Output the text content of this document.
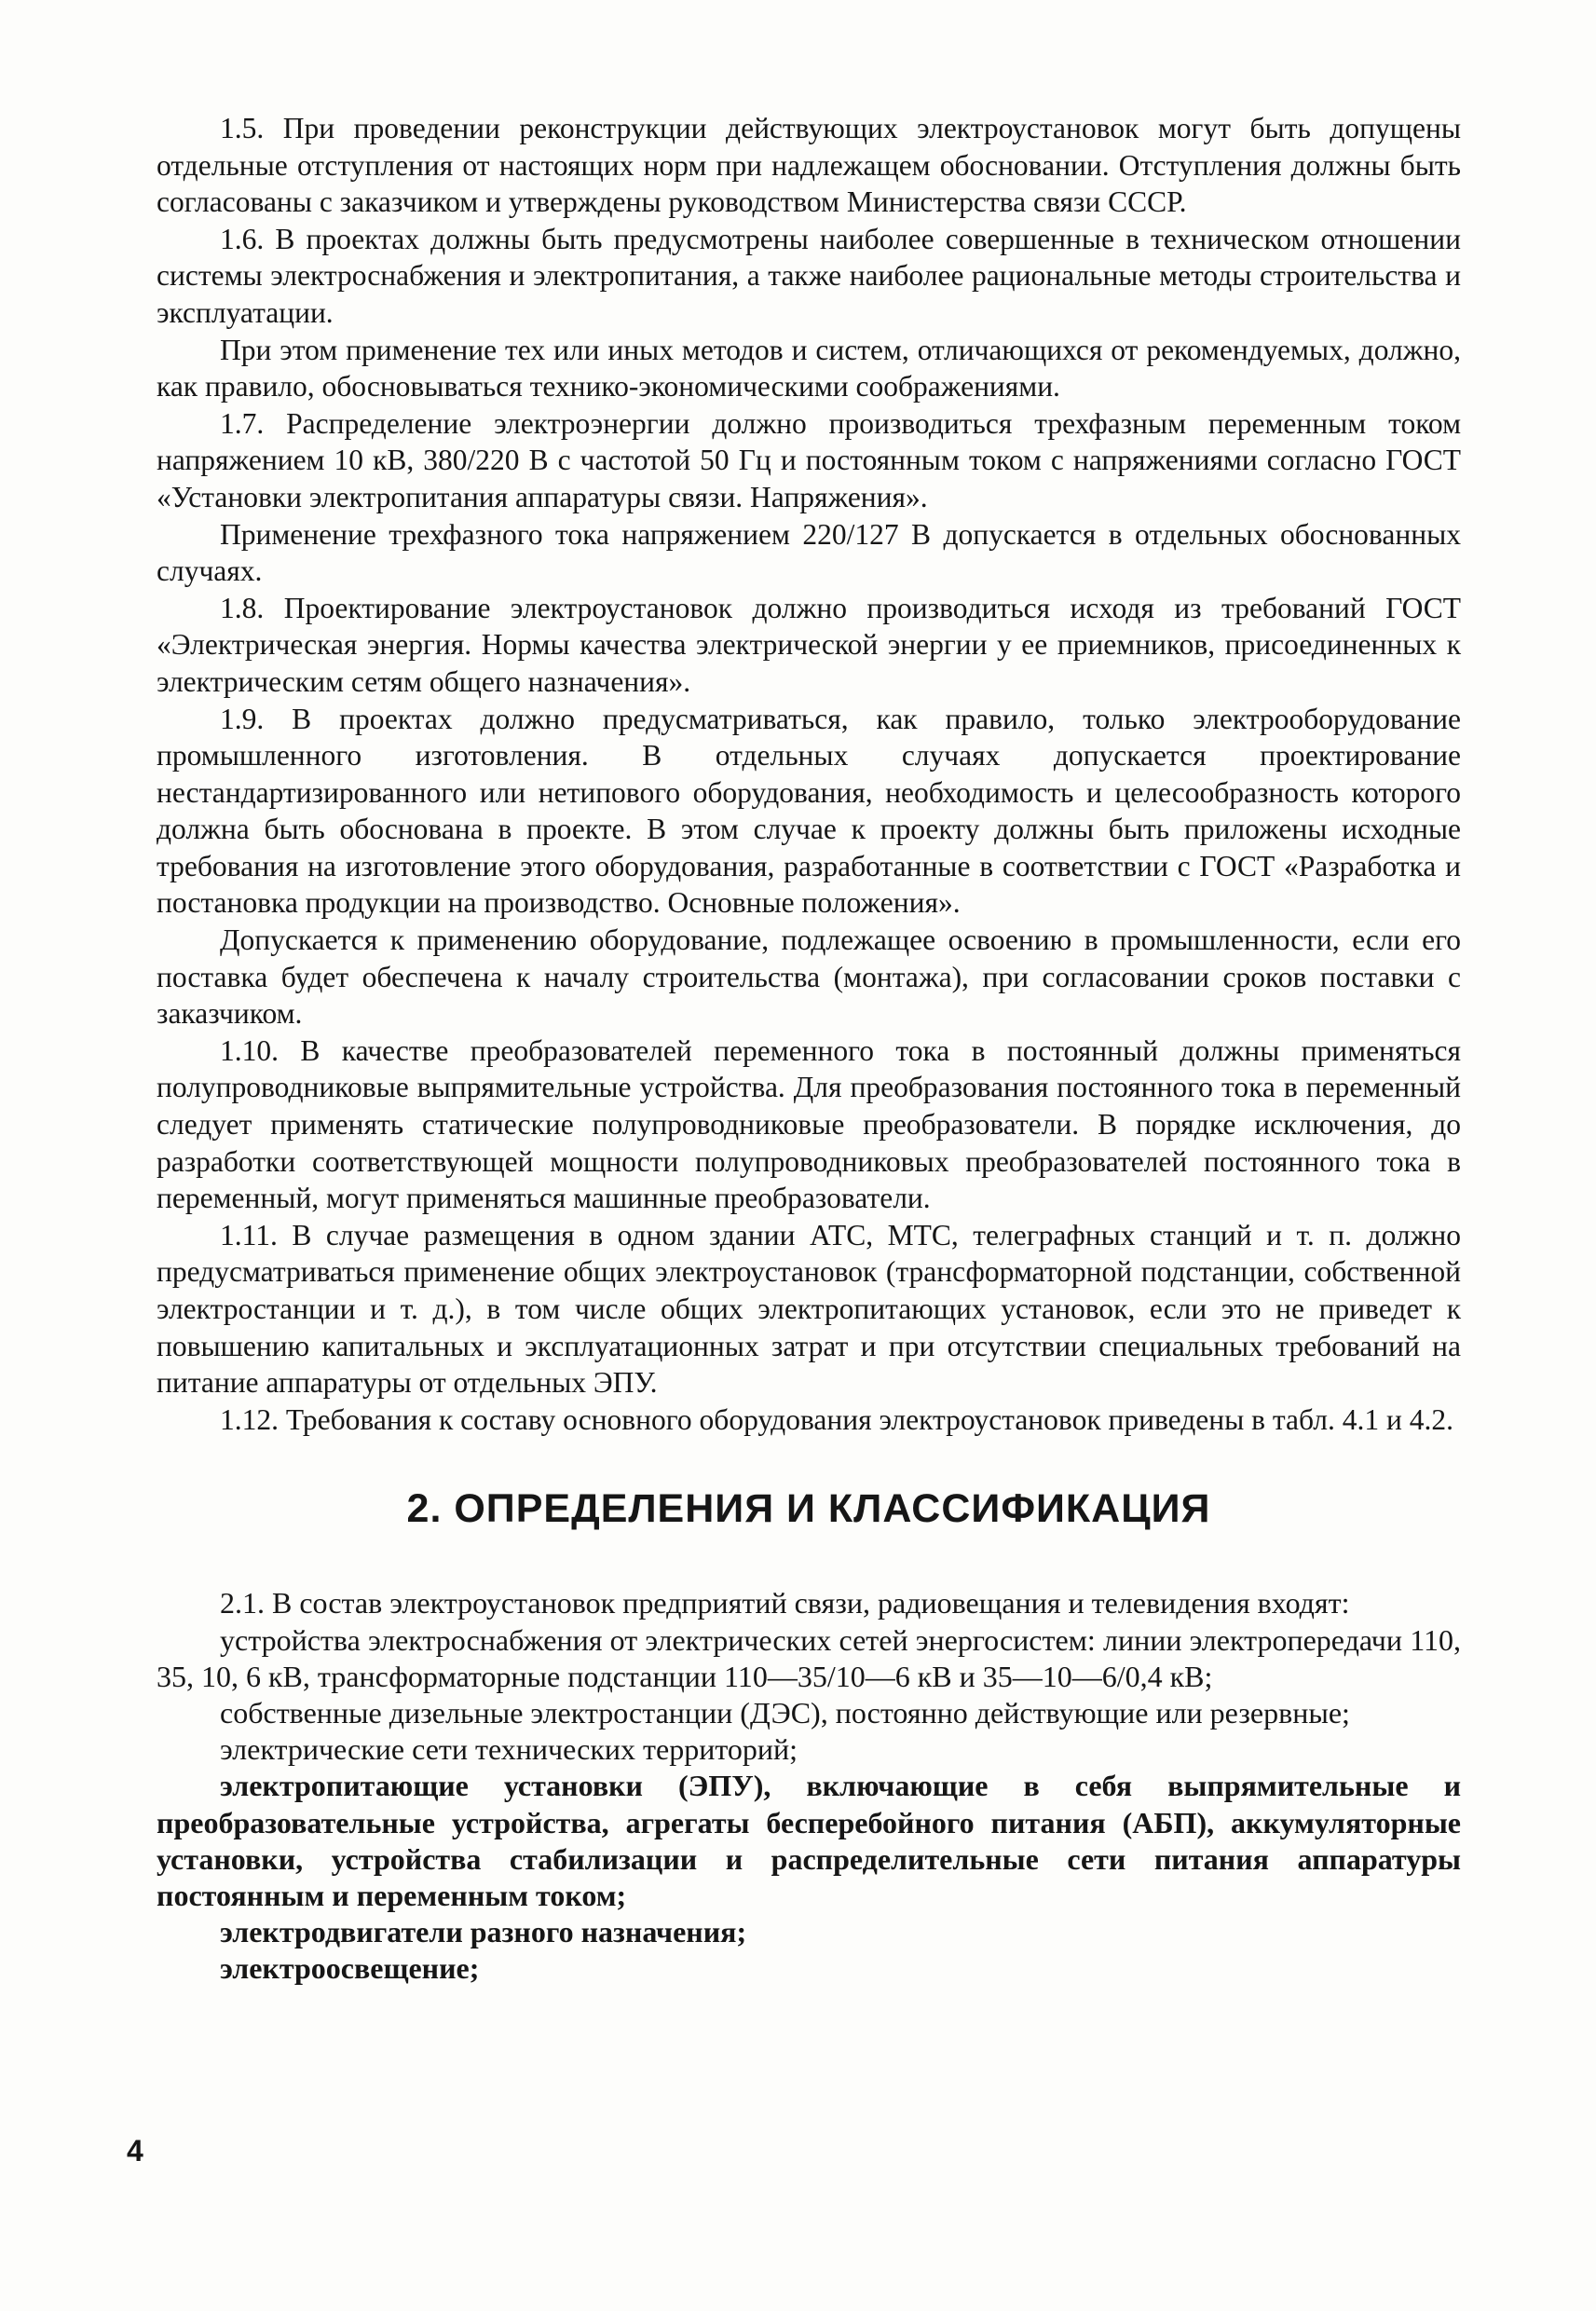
1.5. При проведении реконструкции действующих электроустановок могут быть допущены отдельные отступления от настоящих норм при надлежащем обосновании. Отступления должны быть согласованы с заказчиком и утверждены руководством Министерства связи СССР.

1.6. В проектах должны быть предусмотрены наиболее совершенные в техническом отношении системы электроснабжения и электропитания, а также наиболее рациональные методы строительства и эксплуатации.

При этом применение тех или иных методов и систем, отличающихся от рекомендуемых, должно, как правило, обосновываться технико-экономическими соображениями.

1.7. Распределение электроэнергии должно производиться трехфазным переменным током напряжением 10 кВ, 380/220 В с частотой 50 Гц и постоянным током с напряжениями согласно ГОСТ «Установки электропитания аппаратуры связи. Напряжения».

Применение трехфазного тока напряжением 220/127 В допускается в отдельных обоснованных случаях.

1.8. Проектирование электроустановок должно производиться исходя из требований ГОСТ «Электрическая энергия. Нормы качества электрической энергии у ее приемников, присоединенных к электрическим сетям общего назначения».

1.9. В проектах должно предусматриваться, как правило, только электрооборудование промышленного изготовления. В отдельных случаях допускается проектирование нестандартизированного или нетипового оборудования, необходимость и целесообразность которого должна быть обоснована в проекте. В этом случае к проекту должны быть приложены исходные требования на изготовление этого оборудования, разработанные в соответствии с ГОСТ «Разработка и постановка продукции на производство. Основные положения».

Допускается к применению оборудование, подлежащее освоению в промышленности, если его поставка будет обеспечена к началу строительства (монтажа), при согласовании сроков поставки с заказчиком.

1.10. В качестве преобразователей переменного тока в постоянный должны применяться полупроводниковые выпрямительные устройства. Для преобразования постоянного тока в переменный следует применять статические полупроводниковые преобразователи. В порядке исключения, до разработки соответствующей мощности полупроводниковых преобразователей постоянного тока в переменный, могут применяться машинные преобразователи.

1.11. В случае размещения в одном здании АТС, МТС, телеграфных станций и т. п. должно предусматриваться применение общих электроустановок (трансформаторной подстанции, собственной электростанции и т. д.), в том числе общих электропитающих установок, если это не приведет к повышению капитальных и эксплуатационных затрат и при отсутствии специальных требований на питание аппаратуры от отдельных ЭПУ.

1.12. Требования к составу основного оборудования электроустановок приведены в табл. 4.1 и 4.2.

2. ОПРЕДЕЛЕНИЯ И КЛАССИФИКАЦИЯ

2.1. В состав электроустановок предприятий связи, радиовещания и телевидения входят:

устройства электроснабжения от электрических сетей энергосистем: линии электропередачи 110, 35, 10, 6 кВ, трансформаторные подстанции 110—35/10—6 кВ и 35—10—6/0,4 кВ;

собственные дизельные электростанции (ДЭС), постоянно действующие или резервные;

электрические сети технических территорий;

электропитающие установки (ЭПУ), включающие в себя выпрямительные и преобразовательные устройства, агрегаты бесперебойного питания (АБП), аккумуляторные установки, устройства стабилизации и распределительные сети питания аппаратуры постоянным и переменным током;

электродвигатели разного назначения;

электроосвещение;

4
